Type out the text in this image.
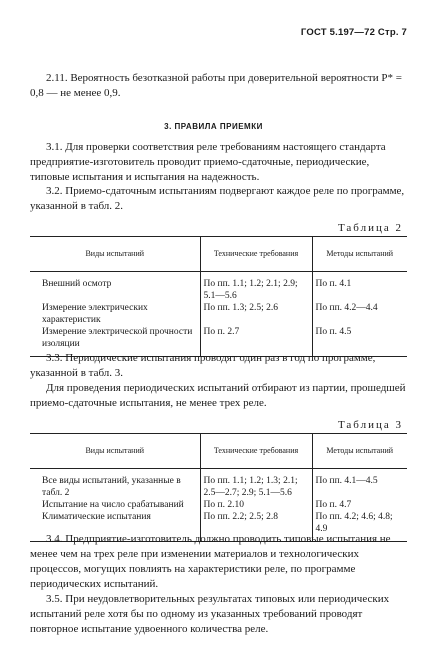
ГОСТ 5.197—72 Стр. 7

2.11. Вероятность безотказной работы при доверительной вероятности P* = 0,8 — не менее 0,9.

3. ПРАВИЛА ПРИЕМКИ

3.1. Для проверки соответствия реле требованиям настоящего стандарта предприятие-изготовитель проводит приемо-сдаточные, периодические, типовые испытания и испытания на надежность.

3.2. Приемо-сдаточным испытаниям подвергают каждое реле по программе, указанной в табл. 2.

Таблица 2
Виды испытаний	Технические требования	Методы испытаний
Внешний осмотр	По пп. 1.1; 1.2; 2.1; 2.9; 5.1—5.6	По п. 4.1
Измерение электрических характеристик	По пп. 1.3; 2.5; 2.6	По пп. 4.2—4.4
Измерение электрической прочности изоляции	По п. 2.7	По п. 4.5

3.3. Периодические испытания проводят один раз в год по программе, указанной в табл. 3.

Для проведения периодических испытаний отбирают из партии, прошедшей приемо-сдаточные испытания, не менее трех реле.

Таблица 3
Виды испытаний	Технические требования	Методы испытаний
Все виды испытаний, указанные в табл. 2	По пп. 1.1; 1.2; 1.3; 2.1; 2.5—2.7; 2.9; 5.1—5.6	По пп. 4.1—4.5
Испытание на число срабатываний	По п. 2.10	По п. 4.7
Климатические испытания	По пп. 2.2; 2.5; 2.8	По пп. 4.2; 4.6; 4.8; 4.9

3.4. Предприятие-изготовитель должно проводить типовые испытания не менее чем на трех реле при изменении материалов и технологических процессов, могущих повлиять на характеристики реле, по программе периодических испытаний.

3.5. При неудовлетворительных результатах типовых или периодических испытаний реле хотя бы по одному из указанных требований проводят повторное испытание удвоенного количества реле.
